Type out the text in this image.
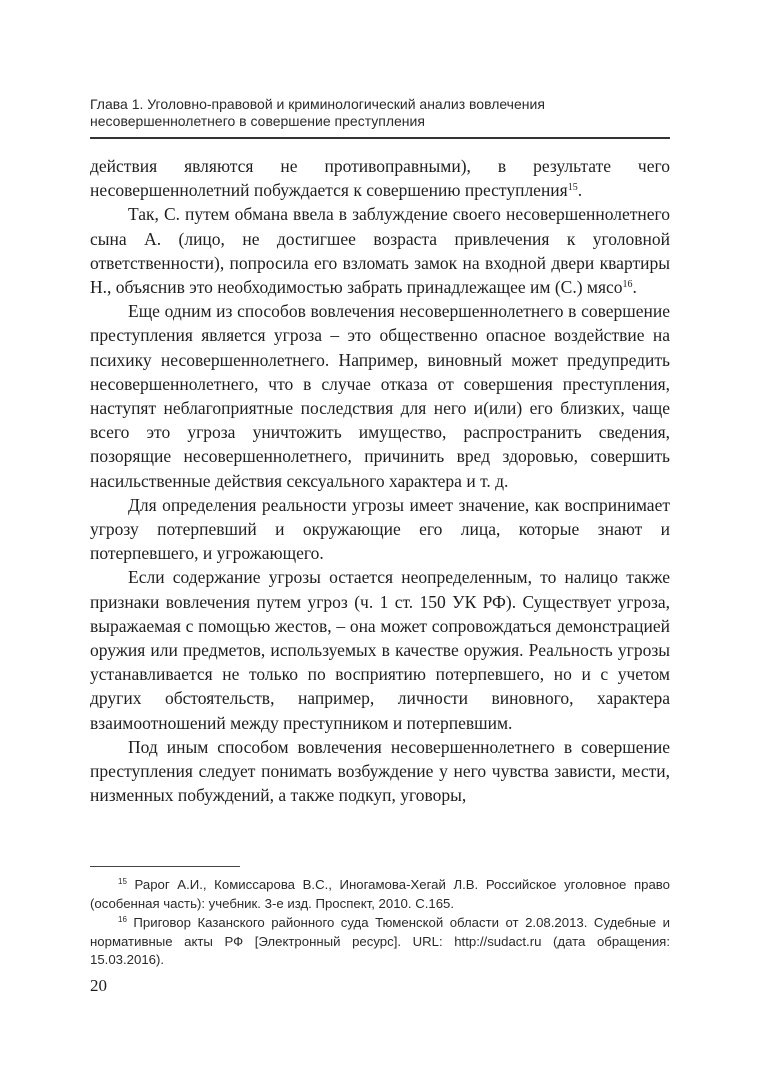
Глава 1. Уголовно-правовой и криминологический анализ вовлечения
несовершеннолетнего в совершение преступления

действия являются не противоправными), в результате чего несовершеннолетний побуждается к совершению преступления$^{15}$.

Так, С. путем обмана ввела в заблуждение своего несовершеннолетнего сына А. (лицо, не достигшее возраста привлечения к уголовной ответственности), попросила его взломать замок на входной двери квартиры Н., объяснив это необходимостью забрать принадлежащее им (С.) мясо$^{16}$.

Еще одним из способов вовлечения несовершеннолетнего в совершение преступления является угроза – это общественно опасное воздействие на психику несовершеннолетнего. Например, виновный может предупредить несовершеннолетнего, что в случае отказа от совершения преступления, наступят неблагоприятные последствия для него и(или) его близких, чаще всего это угроза уничтожить имущество, распространить сведения, позорящие несовершеннолетнего, причинить вред здоровью, совершить насильственные действия сексуального характера и т. д.

Для определения реальности угрозы имеет значение, как воспринимает угрозу потерпевший и окружающие его лица, которые знают и потерпевшего, и угрожающего.

Если содержание угрозы остается неопределенным, то налицо также признаки вовлечения путем угроз (ч. 1 ст. 150 УК РФ). Существует угроза, выражаемая с помощью жестов, – она может сопровождаться демонстрацией оружия или предметов, используемых в качестве оружия. Реальность угрозы устанавливается не только по восприятию потерпевшего, но и с учетом других обстоятельств, например, личности виновного, характера взаимоотношений между преступником и потерпевшим.

Под иным способом вовлечения несовершеннолетнего в совершение преступления следует понимать возбуждение у него чувства зависти, мести, низменных побуждений, а также подкуп, уговоры,

$^{15}$ Рарог А.И., Комиссарова В.С., Иногамова-Хегай Л.В. Российское уголовное право (особенная часть): учебник. 3-е изд. Проспект, 2010. С.165.

$^{16}$ Приговор Казанского районного суда Тюменской области от 2.08.2013. Судебные и нормативные акты РФ [Электронный ресурс]. URL: http://sudact.ru (дата обращения: 15.03.2016).

20
